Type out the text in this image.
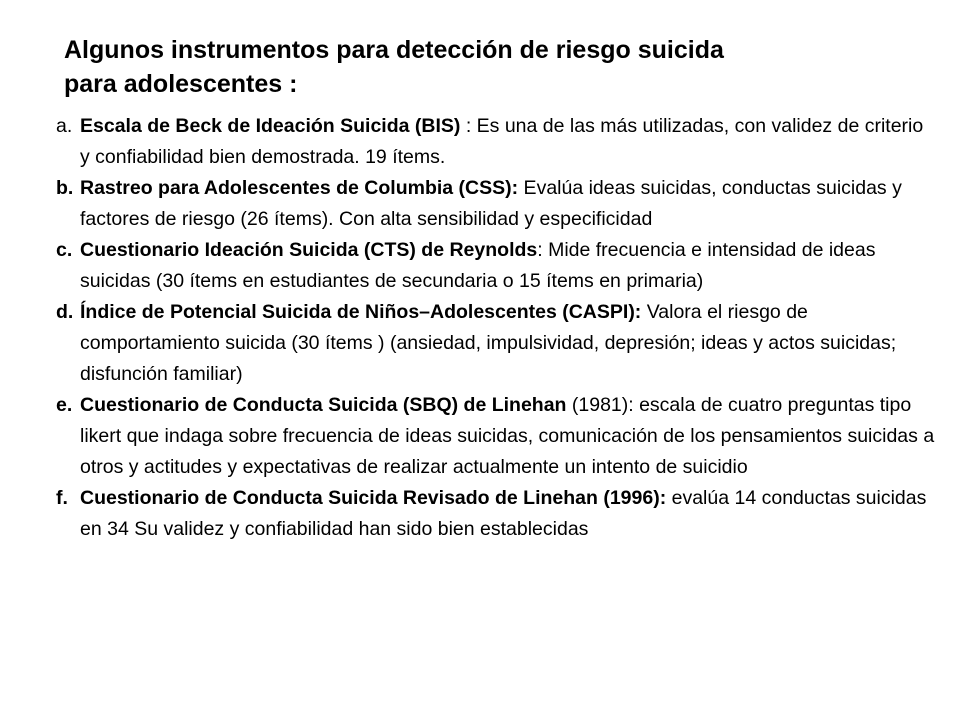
Algunos instrumentos para detección de riesgo suicida
para adolescentes :
a. Escala de Beck de Ideación Suicida (BIS) : Es una de las más utilizadas, con validez de criterio y confiabilidad bien demostrada. 19 ítems.
b. Rastreo para Adolescentes de Columbia (CSS): Evalúa ideas suicidas, conductas suicidas y factores de riesgo (26 ítems). Con alta sensibilidad y especificidad
c. Cuestionario Ideación Suicida (CTS) de Reynolds: Mide frecuencia e intensidad de ideas suicidas (30 ítems en estudiantes de secundaria o 15 ítems en primaria)
d. Índice de Potencial Suicida de Niños–Adolescentes (CASPI): Valora el riesgo de comportamiento suicida (30 ítems ) (ansiedad, impulsividad, depresión; ideas y actos suicidas; disfunción familiar)
e. Cuestionario de Conducta Suicida (SBQ) de Linehan (1981): escala de cuatro preguntas tipo likert que indaga sobre frecuencia de ideas suicidas, comunicación de los pensamientos suicidas a otros y actitudes y expectativas de realizar actualmente un intento de suicidio
f. Cuestionario de Conducta Suicida Revisado de Linehan (1996): evalúa 14 conductas suicidas en 34 Su validez y confiabilidad han sido bien establecidas
